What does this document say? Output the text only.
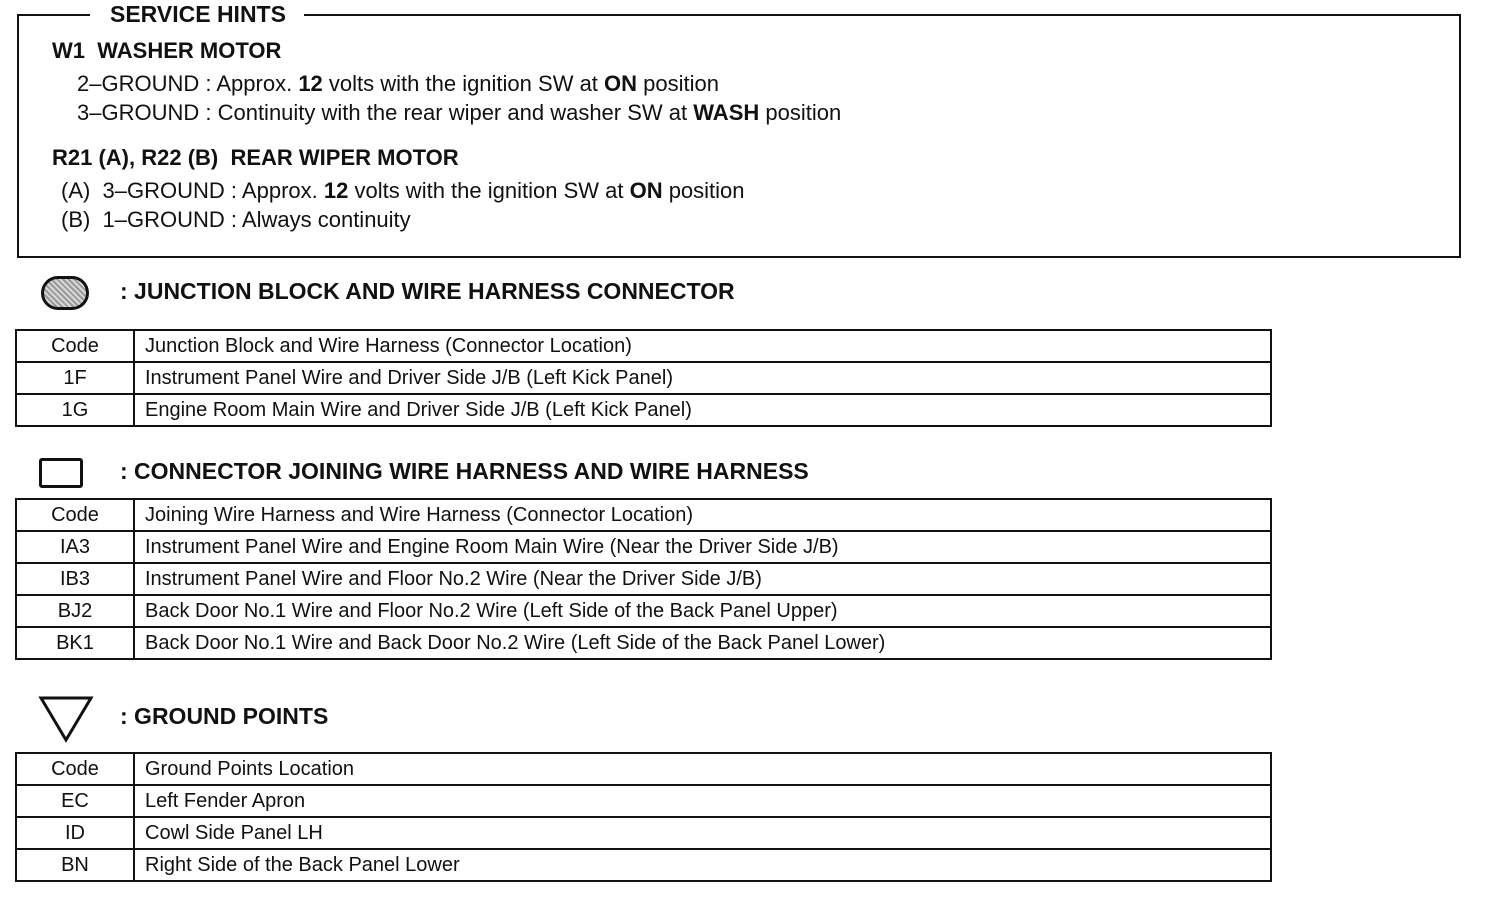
SERVICE HINTS
W1  WASHER MOTOR
2–GROUND : Approx. 12 volts with the ignition SW at ON position
3–GROUND : Continuity with the rear wiper and washer SW at WASH position
R21 (A), R22 (B)  REAR WIPER MOTOR
(A)  3–GROUND : Approx. 12 volts with the ignition SW at ON position
(B)  1–GROUND : Always continuity
: JUNCTION BLOCK AND WIRE HARNESS CONNECTOR
Code	Junction Block and Wire Harness (Connector Location)
1F	Instrument Panel Wire and Driver Side J/B (Left Kick Panel)
1G	Engine Room Main Wire and Driver Side J/B (Left Kick Panel)
: CONNECTOR JOINING WIRE HARNESS AND WIRE HARNESS
Code	Joining Wire Harness and Wire Harness (Connector Location)
IA3	Instrument Panel Wire and Engine Room Main Wire (Near the Driver Side J/B)
IB3	Instrument Panel Wire and Floor No.2 Wire (Near the Driver Side J/B)
BJ2	Back Door No.1 Wire and Floor No.2 Wire (Left Side of the Back Panel Upper)
BK1	Back Door No.1 Wire and Back Door No.2 Wire (Left Side of the Back Panel Lower)
: GROUND POINTS
Code	Ground Points Location
EC	Left Fender Apron
ID	Cowl Side Panel LH
BN	Right Side of the Back Panel Lower
